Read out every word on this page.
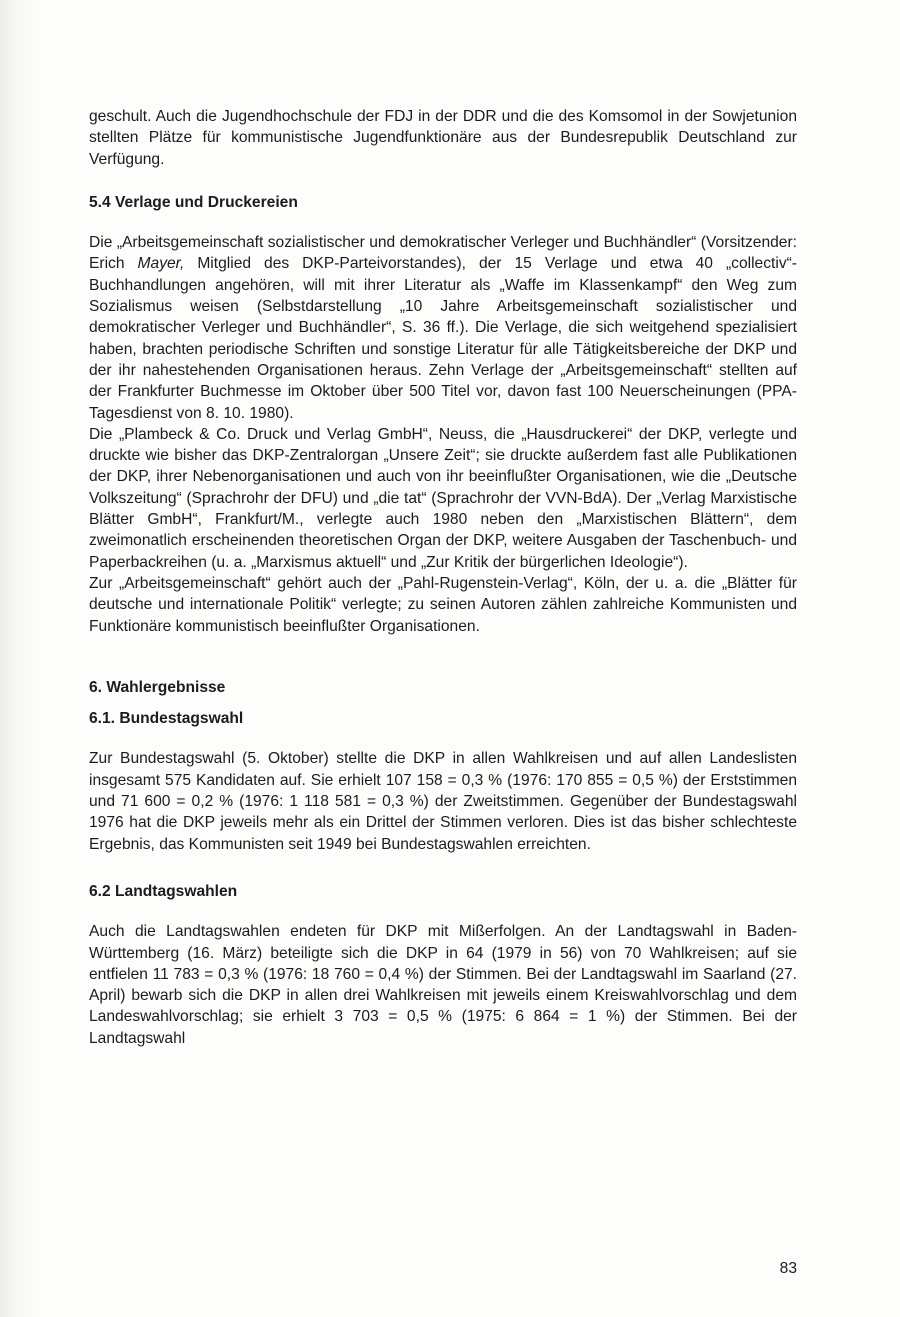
geschult. Auch die Jugendhochschule der FDJ in der DDR und die des Komsomol in der Sowjetunion stellten Plätze für kommunistische Jugendfunktionäre aus der Bundesrepublik Deutschland zur Verfügung.

5.4 Verlage und Druckereien

Die „Arbeitsgemeinschaft sozialistischer und demokratischer Verleger und Buchhändler“ (Vorsitzender: Erich Mayer, Mitglied des DKP-Parteivorstandes), der 15 Verlage und etwa 40 „collectiv“-Buchhandlungen angehören, will mit ihrer Literatur als „Waffe im Klassenkampf“ den Weg zum Sozialismus weisen (Selbstdarstellung „10 Jahre Arbeitsgemeinschaft sozialistischer und demokratischer Verleger und Buchhändler“, S. 36 ff.). Die Verlage, die sich weitgehend spezialisiert haben, brachten periodische Schriften und sonstige Literatur für alle Tätigkeitsbereiche der DKP und der ihr nahestehenden Organisationen heraus. Zehn Verlage der „Arbeitsgemeinschaft“ stellten auf der Frankfurter Buchmesse im Oktober über 500 Titel vor, davon fast 100 Neuerscheinungen (PPA-Tagesdienst von 8. 10. 1980).

Die „Plambeck & Co. Druck und Verlag GmbH“, Neuss, die „Hausdruckerei“ der DKP, verlegte und druckte wie bisher das DKP-Zentralorgan „Unsere Zeit“; sie druckte außerdem fast alle Publikationen der DKP, ihrer Nebenorganisationen und auch von ihr beeinflußter Organisationen, wie die „Deutsche Volkszeitung“ (Sprachrohr der DFU) und „die tat“ (Sprachrohr der VVN-BdA). Der „Verlag Marxistische Blätter GmbH“, Frankfurt/M., verlegte auch 1980 neben den „Marxistischen Blättern“, dem zweimonatlich erscheinenden theoretischen Organ der DKP, weitere Ausgaben der Taschenbuch- und Paperbackreihen (u. a. „Marxismus aktuell“ und „Zur Kritik der bürgerlichen Ideologie“).

Zur „Arbeitsgemeinschaft“ gehört auch der „Pahl-Rugenstein-Verlag“, Köln, der u. a. die „Blätter für deutsche und internationale Politik“ verlegte; zu seinen Autoren zählen zahlreiche Kommunisten und Funktionäre kommunistisch beeinflußter Organisationen.

6. Wahlergebnisse
6.1. Bundestagswahl

Zur Bundestagswahl (5. Oktober) stellte die DKP in allen Wahlkreisen und auf allen Landeslisten insgesamt 575 Kandidaten auf. Sie erhielt 107 158 = 0,3 % (1976: 170 855 = 0,5 %) der Erststimmen und 71 600 = 0,2 % (1976: 1 118 581 = 0,3 %) der Zweitstimmen. Gegenüber der Bundestagswahl 1976 hat die DKP jeweils mehr als ein Drittel der Stimmen verloren. Dies ist das bisher schlechteste Ergebnis, das Kommunisten seit 1949 bei Bundestagswahlen erreichten.

6.2 Landtagswahlen

Auch die Landtagswahlen endeten für DKP mit Mißerfolgen. An der Landtagswahl in Baden-Württemberg (16. März) beteiligte sich die DKP in 64 (1979 in 56) von 70 Wahlkreisen; auf sie entfielen 11 783 = 0,3 % (1976: 18 760 = 0,4 %) der Stimmen. Bei der Landtagswahl im Saarland (27. April) bewarb sich die DKP in allen drei Wahlkreisen mit jeweils einem Kreiswahlvorschlag und dem Landeswahlvorschlag; sie erhielt 3 703 = 0,5 % (1975: 6 864 = 1 %) der Stimmen. Bei der Landtagswahl

83
